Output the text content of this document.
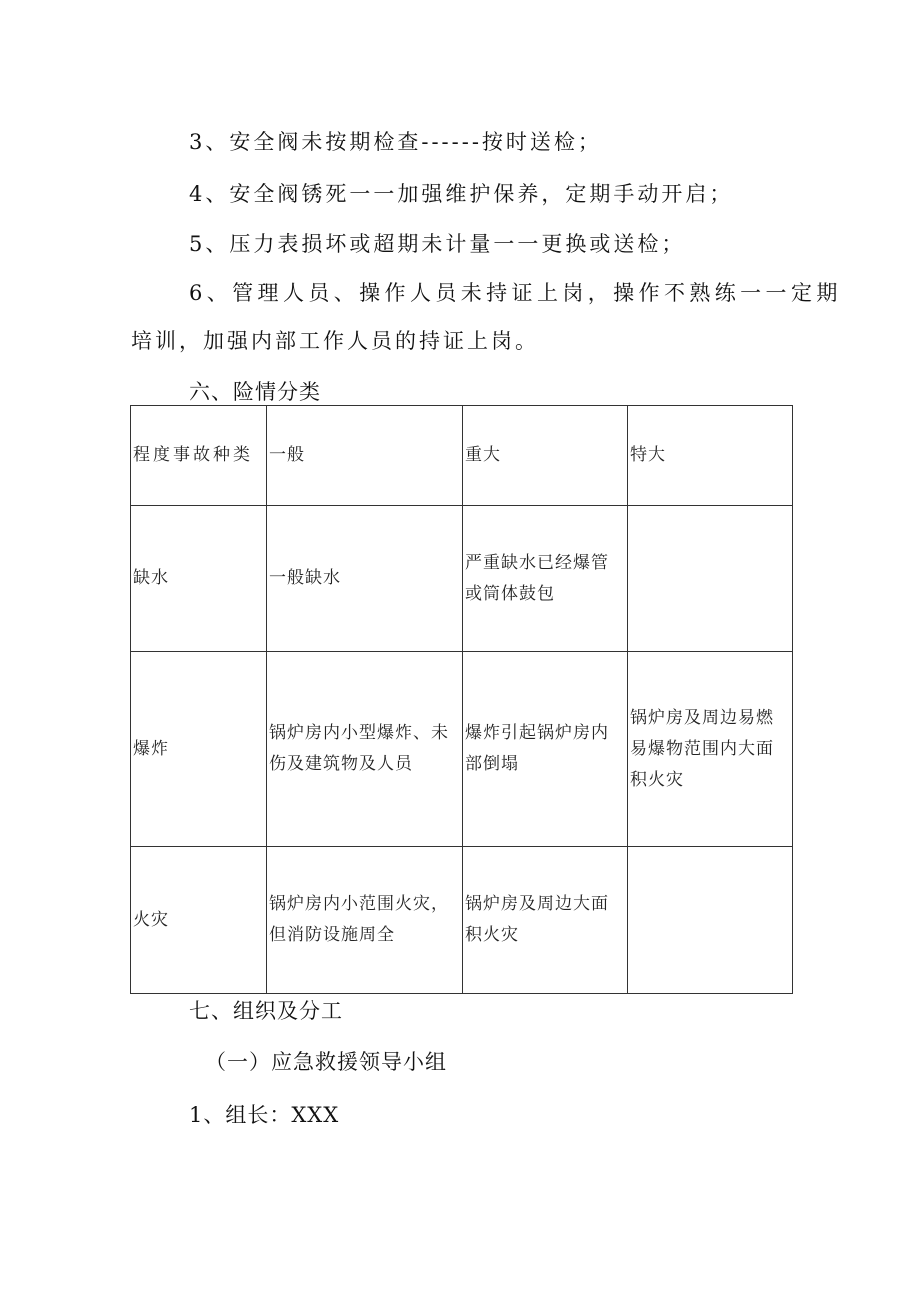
3、安全阀未按期检查------按时送检；

4、安全阀锈死一一加强维护保养，定期手动开启；

5、压力表损坏或超期未计量一一更换或送检；

6、管理人员、操作人员未持证上岗，操作不熟练一一定期

培训，加强内部工作人员的持证上岗。

六、险情分类

程度事故种类	一般	重大	特大
缺水	一般缺水	严重缺水已经爆管或筒体鼓包	
爆炸	锅炉房内小型爆炸、未伤及建筑物及人员	爆炸引起锅炉房内部倒塌	锅炉房及周边易燃易爆物范围内大面积火灾
火灾	锅炉房内小范围火灾，但消防设施周全	锅炉房及周边大面积火灾	

七、组织及分工

（一）应急救援领导小组

1、组长：XXX
